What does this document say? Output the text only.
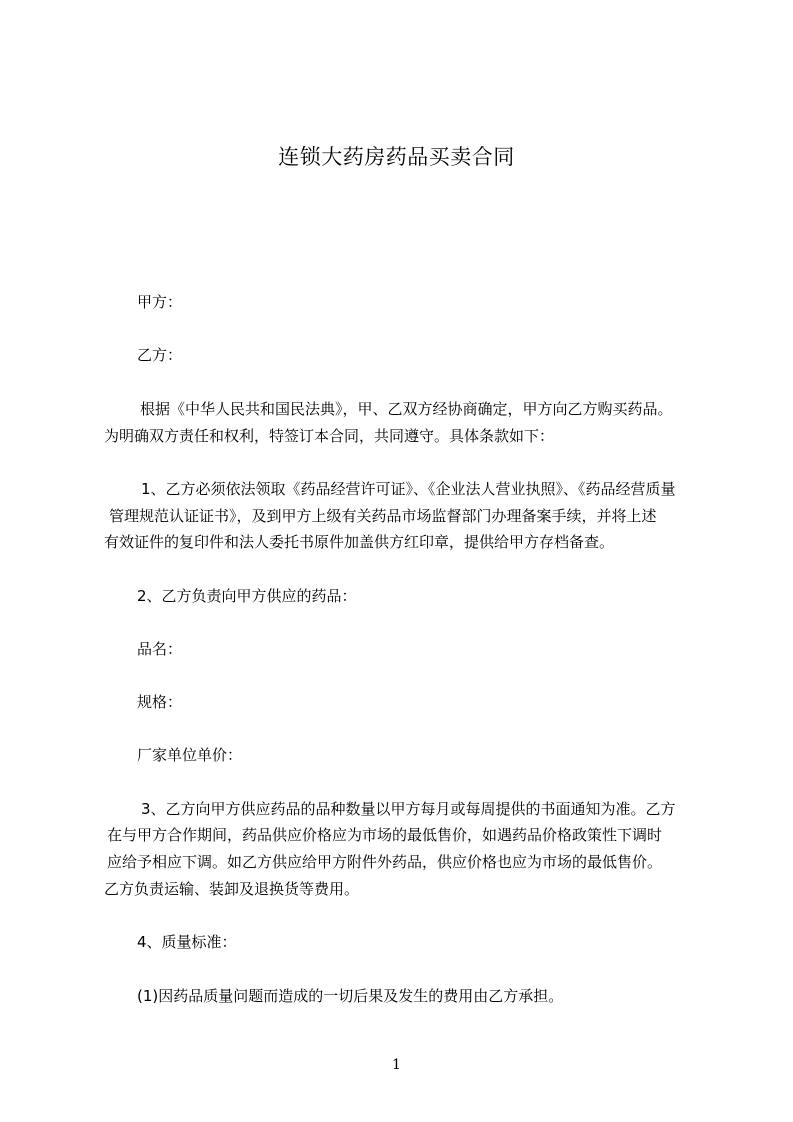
连锁大药房药品买卖合同
甲方：
乙方：
根据《中华人民共和国民法典》，甲、乙双方经协商确定，甲方向乙方购买药品。
为明确双方责任和权利，特签订本合同，共同遵守。具体条款如下：
1、乙方必须依法领取《药品经营许可证》、《企业法人营业执照》、《药品经营质量
管理规范认证证书》，及到甲方上级有关药品市场监督部门办理备案手续，并将上述
有效证件的复印件和法人委托书原件加盖供方红印章，提供给甲方存档备查。
2、乙方负责向甲方供应的药品：
品名：
规格：
厂家单位单价：
3、乙方向甲方供应药品的品种数量以甲方每月或每周提供的书面通知为准。乙方
在与甲方合作期间，药品供应价格应为市场的最低售价，如遇药品价格政策性下调时
应给予相应下调。如乙方供应给甲方附件外药品，供应价格也应为市场的最低售价。
乙方负责运输、装卸及退换货等费用。
4、质量标准：
(1)因药品质量问题而造成的一切后果及发生的费用由乙方承担。
1
